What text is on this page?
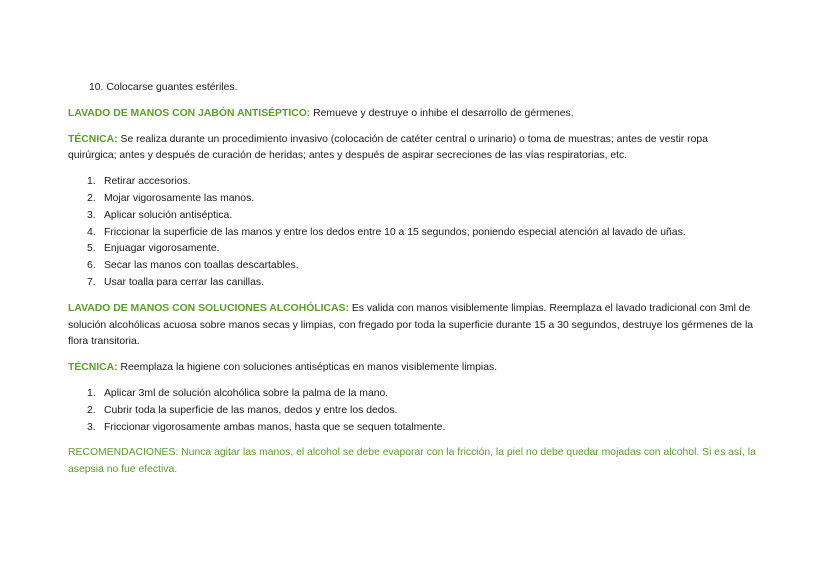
10. Colocarse guantes estériles.

LAVADO DE MANOS CON JABÓN ANTISÉPTICO: Remueve y destruye o inhibe el desarrollo de gérmenes.

TÉCNICA: Se realiza durante un procedimiento invasivo (colocación de catéter central o urinario) o toma de muestras; antes de vestir ropa quirúrgica; antes y después de curación de heridas; antes y después de aspirar secreciones de las vías respiratorias, etc.

1. Retirar accesorios.
2. Mojar vigorosamente las manos.
3. Aplicar solución antiséptica.
4. Friccionar la superficie de las manos y entre los dedos entre 10 a 15 segundos, poniendo especial atención al lavado de uñas.
5. Enjuagar vigorosamente.
6. Secar las manos con toallas descartables.
7. Usar toalla para cerrar las canillas.

LAVADO DE MANOS CON SOLUCIONES ALCOHÓLICAS: Es valida con manos visiblemente limpias. Reemplaza el lavado tradicional con 3ml de solución alcohólicas acuosa sobre manos secas y limpias, con fregado por toda la superficie durante 15 a 30 segundos, destruye los gérmenes de la flora transitoria.

TÉCNICA: Reemplaza la higiene con soluciones antisépticas en manos visiblemente limpias.

1. Aplicar 3ml de solución alcohólica sobre la palma de la mano.
2. Cubrir toda la superficie de las manos, dedos y entre los dedos.
3. Friccionar vigorosamente ambas manos, hasta que se sequen totalmente.

RECOMENDACIONES: Nunca agitar las manos, el alcohol se debe evaporar con la fricción, la piel no debe quedar mojadas con alcohol. Si es así, la asepsia no fue efectiva.
